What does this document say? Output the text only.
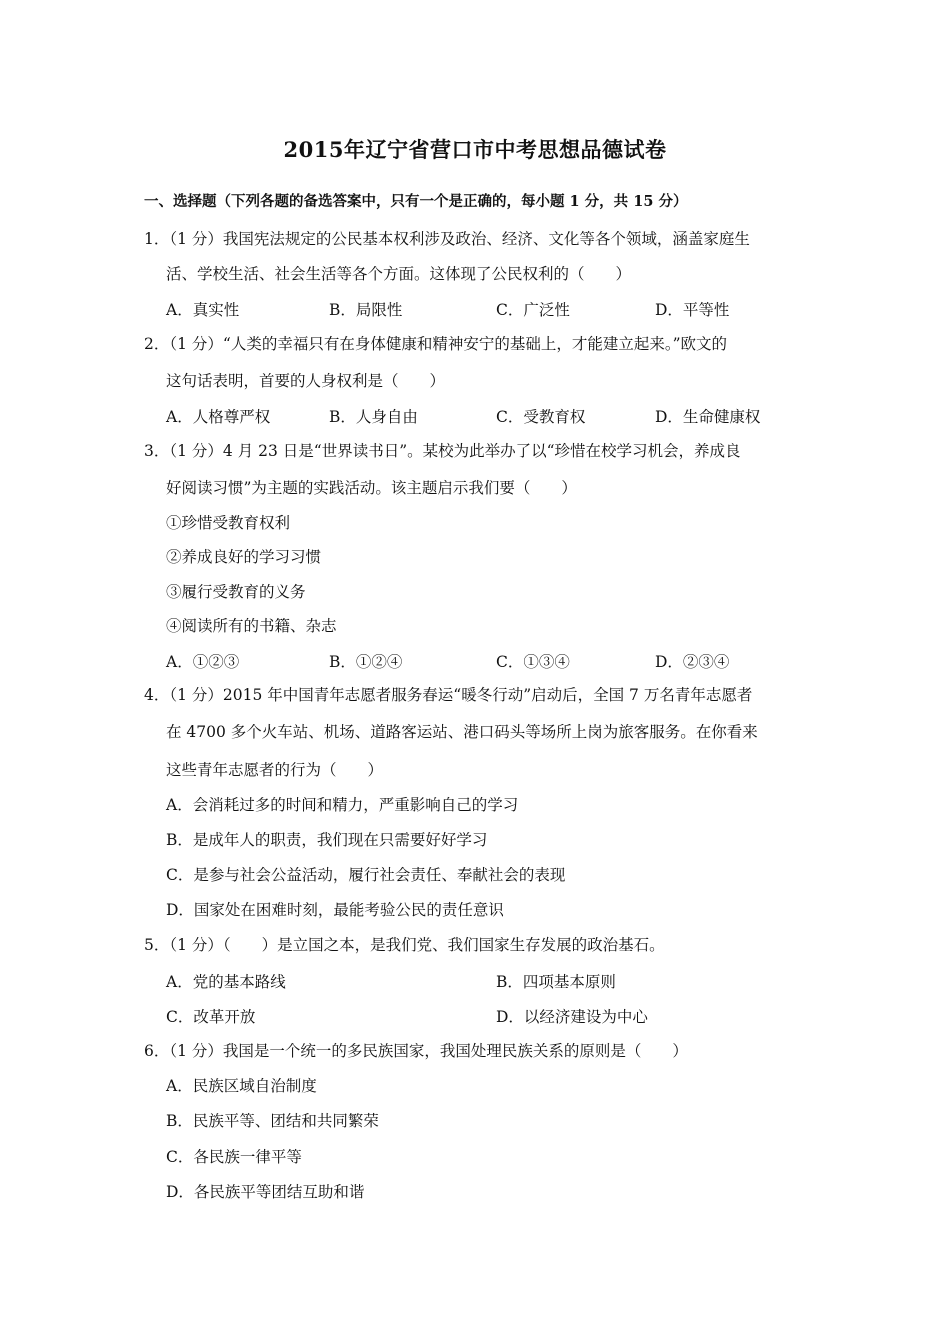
2015年辽宁省营口市中考思想品德试卷
一、选择题（下列各题的备选答案中，只有一个是正确的，每小题 1 分，共 15 分）
1．（1 分）我国宪法规定的公民基本权利涉及政治、经济、文化等各个领域，涵盖家庭生
活、学校生活、社会生活等各个方面。这体现了公民权利的（　　）
A．真实性	B．局限性	C．广泛性	D．平等性
2．（1 分）“人类的幸福只有在身体健康和精神安宁的基础上，才能建立起来。”欧文的
这句话表明，首要的人身权利是（　　）
A．人格尊严权	B．人身自由	C．受教育权	D．生命健康权
3．（1 分）4 月 23 日是“世界读书日”。某校为此举办了以“珍惜在校学习机会，养成良
好阅读习惯”为主题的实践活动。该主题启示我们要（　　）
①珍惜受教育权利
②养成良好的学习习惯
③履行受教育的义务
④阅读所有的书籍、杂志
A．①②③	B．①②④	C．①③④	D．②③④
4．（1 分）2015 年中国青年志愿者服务春运“暖冬行动”启动后，全国 7 万名青年志愿者
在 4700 多个火车站、机场、道路客运站、港口码头等场所上岗为旅客服务。在你看来
这些青年志愿者的行为（　　）
A．会消耗过多的时间和精力，严重影响自己的学习
B．是成年人的职责，我们现在只需要好好学习
C．是参与社会公益活动，履行社会责任、奉献社会的表现
D．国家处在困难时刻，最能考验公民的责任意识
5．（1 分）（　　）是立国之本，是我们党、我们国家生存发展的政治基石。
A．党的基本路线	B．四项基本原则
C．改革开放	D．以经济建设为中心
6．（1 分）我国是一个统一的多民族国家，我国处理民族关系的原则是（　　）
A．民族区域自治制度
B．民族平等、团结和共同繁荣
C．各民族一律平等
D．各民族平等团结互助和谐
